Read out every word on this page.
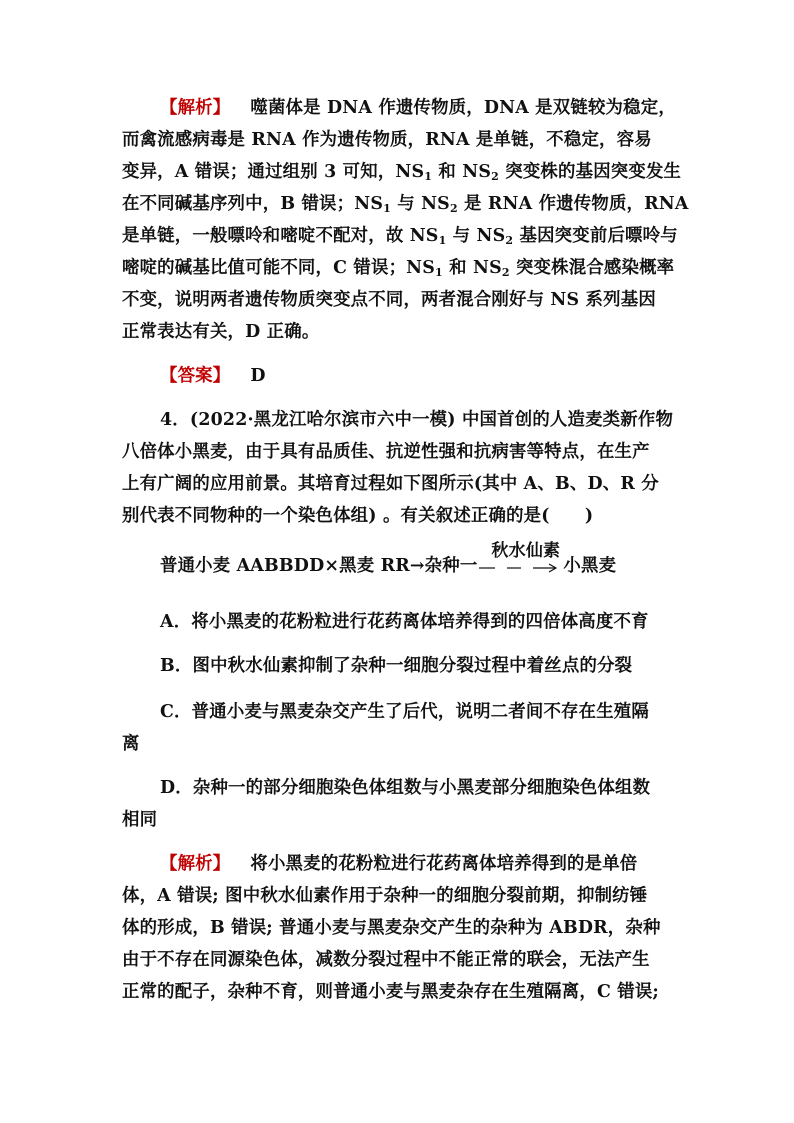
【解析】 噬菌体是 DNA 作遗传物质，DNA 是双链较为稳定，
而禽流感病毒是 RNA 作为遗传物质，RNA 是单链，不稳定，容易
变异，A 错误；通过组别 3 可知，$NS_1$ 和 $NS_2$ 突变株的基因突变发生
在不同碱基序列中，B 错误；$NS_1$ 与 $NS_2$ 是 RNA 作遗传物质，RNA
是单链，一般嘌呤和嘧啶不配对，故 $NS_1$ 与 $NS_2$ 基因突变前后嘌呤与
嘧啶的碱基比值可能不同，C 错误；$NS_1$ 和 $NS_2$ 突变株混合感染概率
不变，说明两者遗传物质突变点不同，两者混合刚好与 NS 系列基因
正常表达有关，D 正确。
【答案】 D
4．(2022·黑龙江哈尔滨市六中一模) 中国首创的人造麦类新作物
八倍体小黑麦，由于具有品质佳、抗逆性强和抗病害等特点，在生产
上有广阔的应用前景。其培育过程如下图所示(其中 A、B、D、R 分
别代表不同物种的一个染色体组) 。有关叙述正确的是(　　)
普通小麦 AABBDD×黑麦 RR→杂种一
秋水仙素
小黑麦
A．将小黑麦的花粉粒进行花药离体培养得到的四倍体高度不育
B．图中秋水仙素抑制了杂种一细胞分裂过程中着丝点的分裂
C．普通小麦与黑麦杂交产生了后代，说明二者间不存在生殖隔
离
D．杂种一的部分细胞染色体组数与小黑麦部分细胞染色体组数
相同
【解析】 将小黑麦的花粉粒进行花药离体培养得到的是单倍
体，A 错误; 图中秋水仙素作用于杂种一的细胞分裂前期，抑制纺锤
体的形成，B 错误; 普通小麦与黑麦杂交产生的杂种为 ABDR，杂种
由于不存在同源染色体，减数分裂过程中不能正常的联会，无法产生
正常的配子，杂种不育，则普通小麦与黑麦杂存在生殖隔离，C 错误;
